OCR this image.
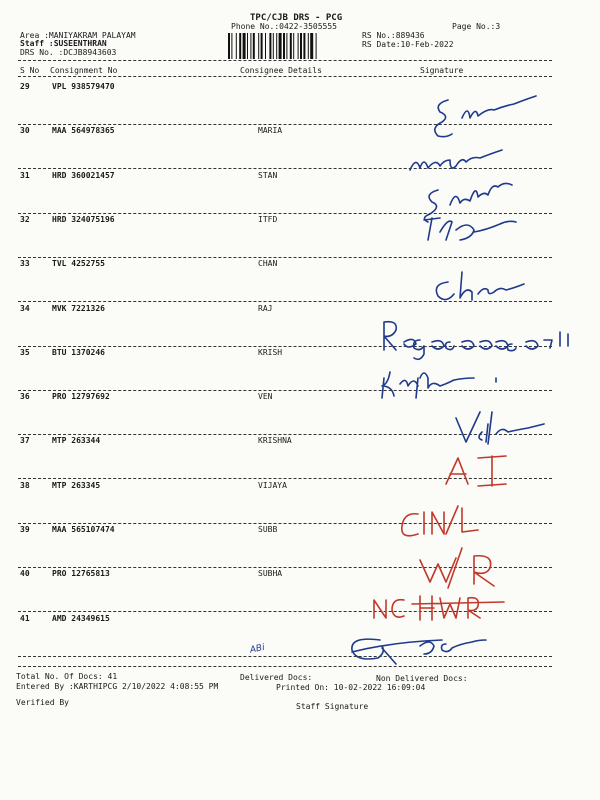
TPC/CJB DRS - PCG
Phone No.:0422-3505555	Page No.:3
Area :MANIYAKRAM PALAYAM
Staff :SUSEENTHRAN
DRS No. :DCJB8943603
RS No.:889436
RS Date:10-Feb-2022
S No Consignment No	Consignee Details	Signature
29	VPL 938579470
30	MAA 564978365	MARIA
31	HRD 360021457	STAN
32	HRD 324075196	ITFD
33	TVL 4252755	CHAN
34	MVK 7221326	RAJ
35	BTU 1370246	KRISH
36	PRO 12797692	VEN
37	MTP 263344	KRISHNA
38	MTP 263345	VIJAYA
39	MAA 565107474	SUBB
40	PRO 12765813	SUBHA
41	AMD 24349615
ABi
Total No. Of Docs: 41	Delivered Docs:	Non Delivered Docs:
Entered By :KARTHIPCG 2/10/2022 4:08:55 PM	Printed On: 10-02-2022 16:09:04
Verified By	Staff Signature
